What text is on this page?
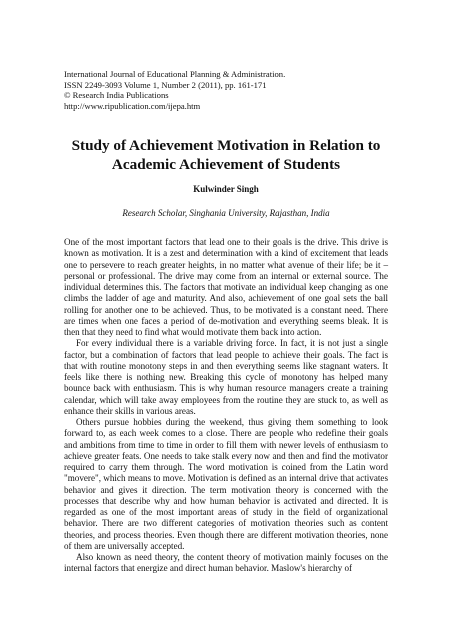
International Journal of Educational Planning & Administration.
ISSN 2249-3093 Volume 1, Number 2 (2011), pp. 161-171
© Research India Publications
http://www.ripublication.com/ijepa.htm
Study of Achievement Motivation in Relation to
Academic Achievement of Students
Kulwinder Singh
Research Scholar, Singhania University, Rajasthan, India

One of the most important factors that lead one to their goals is the drive. This drive is known as motivation. It is a zest and determination with a kind of excitement that leads one to persevere to reach greater heights, in no matter what avenue of their life; be it – personal or professional. The drive may come from an internal or external source. The individual determines this. The factors that motivate an individual keep changing as one climbs the ladder of age and maturity. And also, achievement of one goal sets the ball rolling for another one to be achieved. Thus, to be motivated is a constant need. There are times when one faces a period of de-motivation and everything seems bleak. It is then that they need to find what would motivate them back into action.

For every individual there is a variable driving force. In fact, it is not just a single factor, but a combination of factors that lead people to achieve their goals. The fact is that with routine monotony steps in and then everything seems like stagnant waters. It feels like there is nothing new. Breaking this cycle of monotony has helped many bounce back with enthusiasm. This is why human resource managers create a training calendar, which will take away employees from the routine they are stuck to, as well as enhance their skills in various areas.

Others pursue hobbies during the weekend, thus giving them something to look forward to, as each week comes to a close. There are people who redefine their goals and ambitions from time to time in order to fill them with newer levels of enthusiasm to achieve greater feats. One needs to take stalk every now and then and find the motivator required to carry them through. The word motivation is coined from the Latin word "movere", which means to move. Motivation is defined as an internal drive that activates behavior and gives it direction. The term motivation theory is concerned with the processes that describe why and how human behavior is activated and directed. It is regarded as one of the most important areas of study in the field of organizational behavior. There are two different categories of motivation theories such as content theories, and process theories. Even though there are different motivation theories, none of them are universally accepted.

Also known as need theory, the content theory of motivation mainly focuses on the internal factors that energize and direct human behavior. Maslow's hierarchy of
